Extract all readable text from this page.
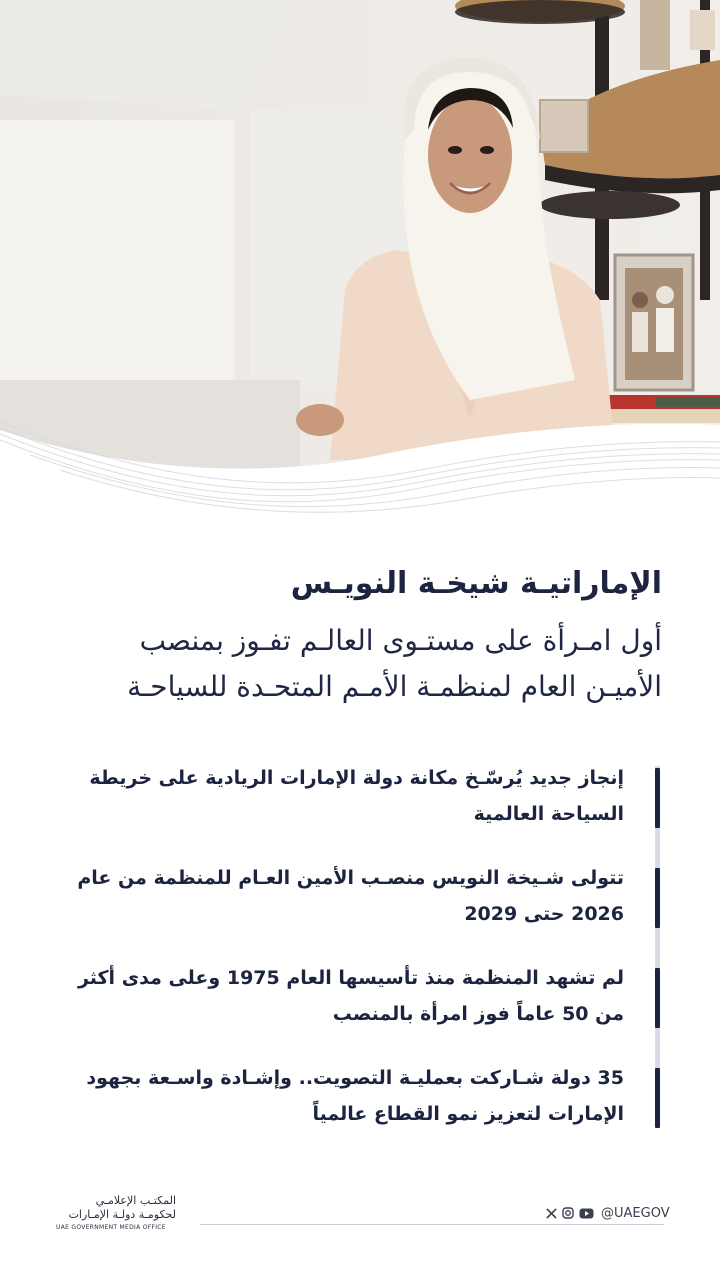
الإماراتيـة شيخـة النويـس
أول امـرأة على مستـوى العالـم تفـوز بمنصب
الأميـن العام لمنظمـة الأمـم المتحـدة للسياحـة
إنجاز جديد يُرسّـخ مكانة دولة الإمارات الريادية على خريطة السياحة العالمية
تتولى شـيخة النويس منصـب الأمين العـام للمنظمة من عام 2026 حتى 2029
لم تشهد المنظمة منذ تأسيسها العام 1975 وعلى مدى أكثر من 50 عاماً فوز امرأة بالمنصب
35 دولة شـاركت بعمليـة التصويت.. وإشـادة واسـعة بجهود الإمارات لتعزيز نمو القطاع عالمياً
المكتـب الإعلامـي
لحكومـة دولـة الإمـارات
UAE GOVERNMENT MEDIA OFFICE
@UAEGOV
